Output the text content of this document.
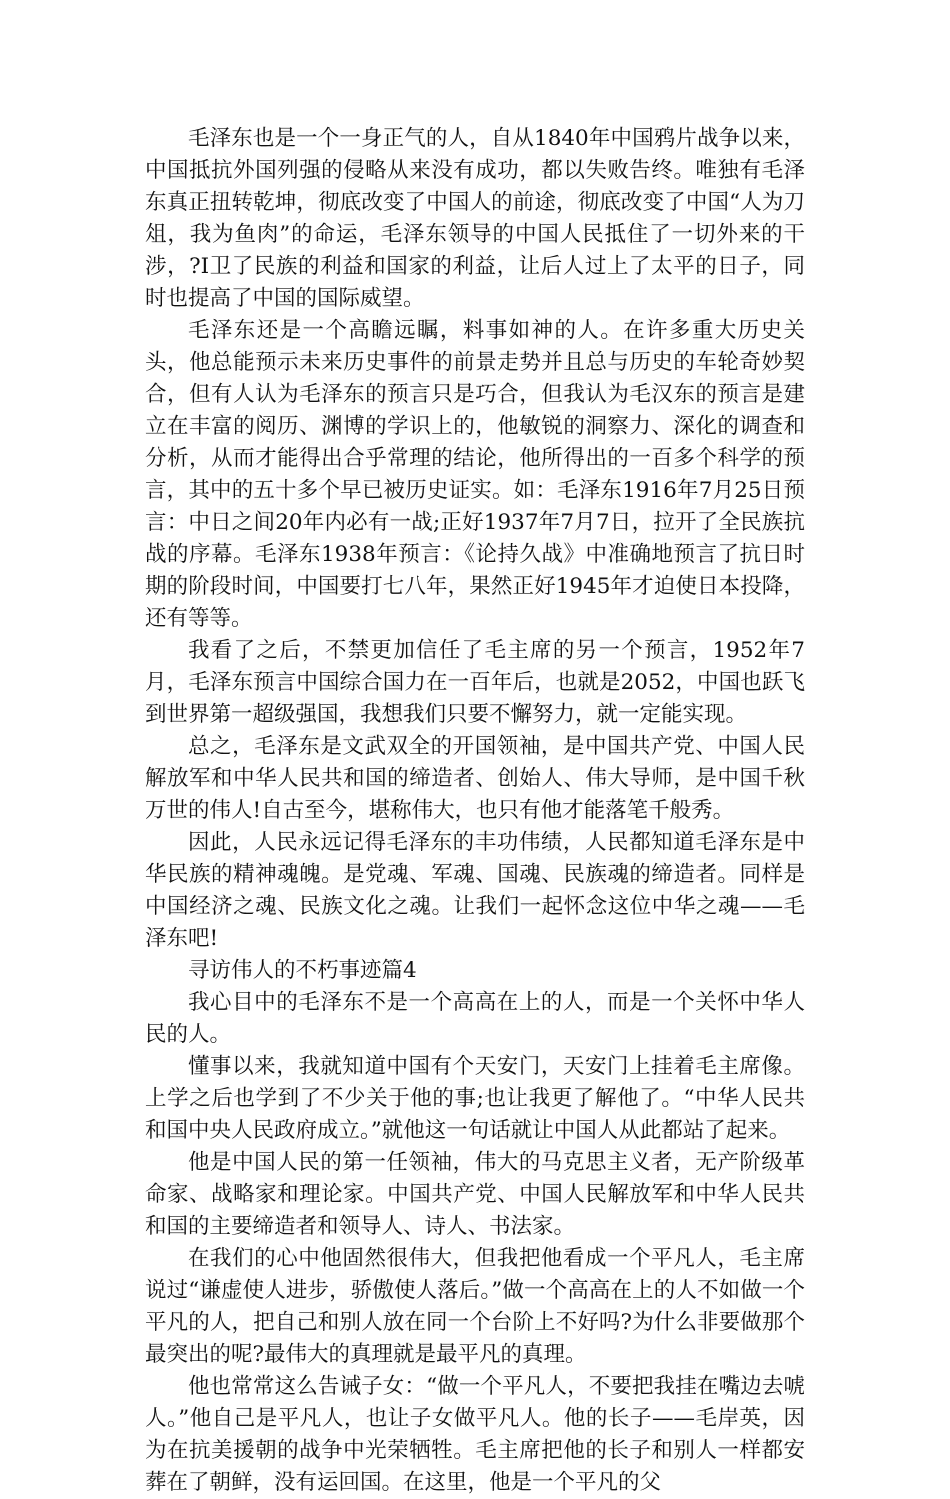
毛泽东也是一个一身正气的人，自从1840年中国鸦片战争以来，中国抵抗外国列强的侵略从来没有成功，都以失败告终。唯独有毛泽东真正扭转乾坤，彻底改变了中国人的前途，彻底改变了中国“人为刀俎，我为鱼肉”的命运，毛泽东领导的中国人民抵住了一切外来的干涉，?I卫了民族的利益和国家的利益，让后人过上了太平的日子，同时也提高了中国的国际威望。

毛泽东还是一个高瞻远瞩，料事如神的人。在许多重大历史关头，他总能预示未来历史事件的前景走势并且总与历史的车轮奇妙契合，但有人认为毛泽东的预言只是巧合，但我认为毛汉东的预言是建立在丰富的阅历、渊博的学识上的，他敏锐的洞察力、深化的调查和分析，从而才能得出合乎常理的结论，他所得出的一百多个科学的预言，其中的五十多个早已被历史证实。如：毛泽东1916年7月25日预言：中日之间20年内必有一战;正好1937年7月7日，拉开了全民族抗战的序幕。毛泽东1938年预言：《论持久战》中准确地预言了抗日时期的阶段时间，中国要打七八年，果然正好1945年才迫使日本投降，还有等等。

我看了之后，不禁更加信任了毛主席的另一个预言，1952年7月，毛泽东预言中国综合国力在一百年后，也就是2052，中国也跃飞到世界第一超级强国，我想我们只要不懈努力，就一定能实现。

总之，毛泽东是文武双全的开国领袖，是中国共产党、中国人民解放军和中华人民共和国的缔造者、创始人、伟大导师，是中国千秋万世的伟人!自古至今，堪称伟大，也只有他才能落笔千般秀。

因此，人民永远记得毛泽东的丰功伟绩，人民都知道毛泽东是中华民族的精神魂魄。是党魂、军魂、国魂、民族魂的缔造者。同样是中国经济之魂、民族文化之魂。让我们一起怀念这位中华之魂——毛泽东吧!

寻访伟人的不朽事迹篇4

我心目中的毛泽东不是一个高高在上的人，而是一个关怀中华人民的人。

懂事以来，我就知道中国有个天安门，天安门上挂着毛主席像。上学之后也学到了不少关于他的事;也让我更了解他了。“中华人民共和国中央人民政府成立。”就他这一句话就让中国人从此都站了起来。

他是中国人民的第一任领袖，伟大的马克思主义者，无产阶级革命家、战略家和理论家。中国共产党、中国人民解放军和中华人民共和国的主要缔造者和领导人、诗人、书法家。

在我们的心中他固然很伟大，但我把他看成一个平凡人，毛主席说过“谦虚使人进步，骄傲使人落后。”做一个高高在上的人不如做一个平凡的人，把自己和别人放在同一个台阶上不好吗?为什么非要做那个最突出的呢?最伟大的真理就是最平凡的真理。

他也常常这么告诫子女：“做一个平凡人，不要把我挂在嘴边去唬人。”他自己是平凡人，也让子女做平凡人。他的长子——毛岸英，因为在抗美援朝的战争中光荣牺牲。毛主席把他的长子和别人一样都安葬在了朝鲜，没有运回国。在这里，他是一个平凡的父
